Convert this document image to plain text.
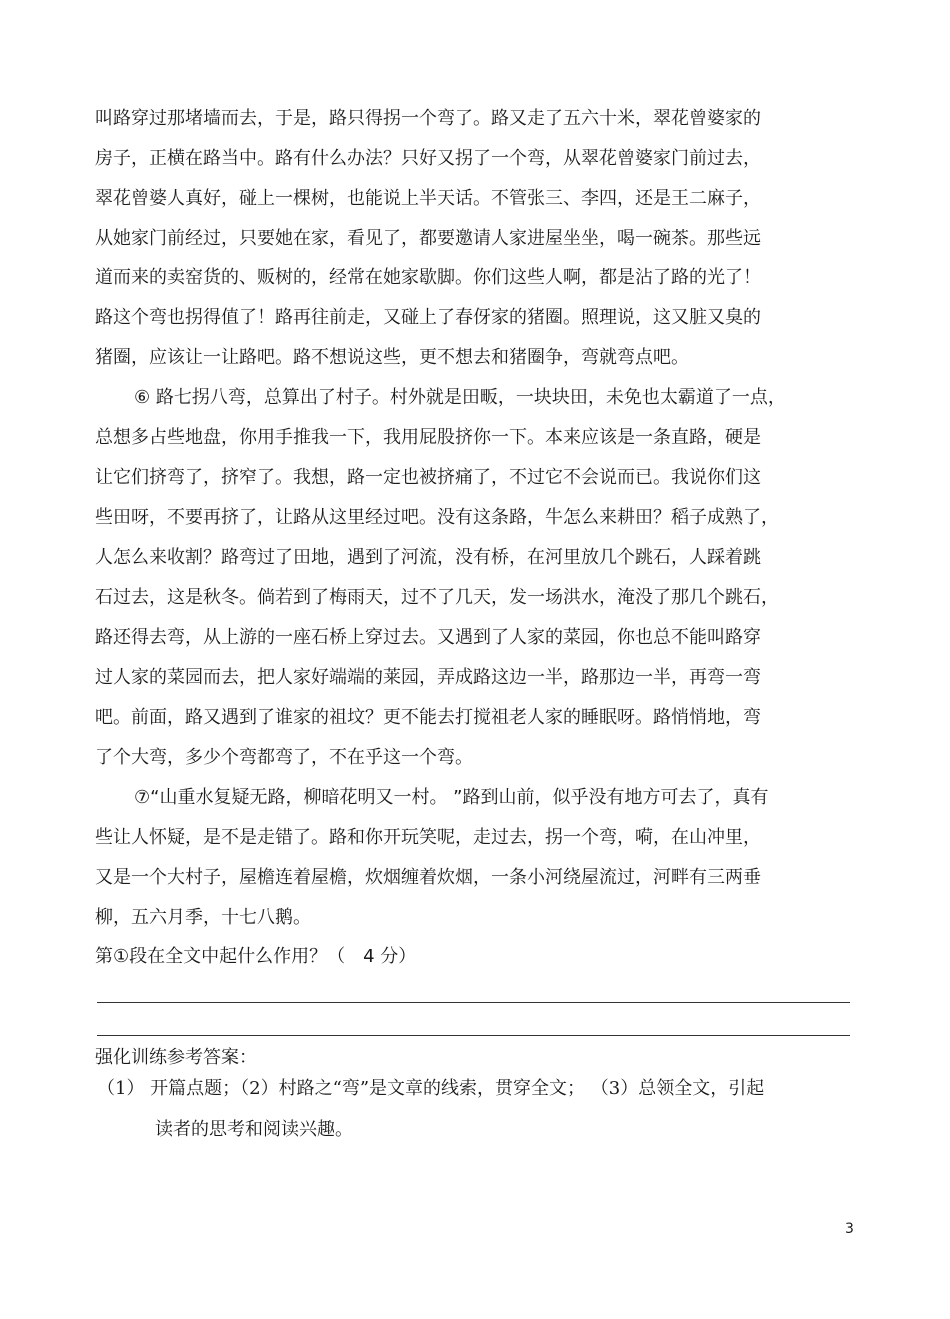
叫路穿过那堵墙而去，于是，路只得拐一个弯了。路又走了五六十米，翠花曾婆家的
房子，正横在路当中。路有什么办法？只好又拐了一个弯，从翠花曾婆家门前过去，
翠花曾婆人真好，碰上一棵树，也能说上半天话。不管张三、李四，还是王二麻子，
从她家门前经过，只要她在家，看见了，都要邀请人家进屋坐坐，喝一碗茶。那些远
道而来的卖窑货的、贩树的，经常在她家歇脚。你们这些人啊，都是沾了路的光了！
路这个弯也拐得值了！路再往前走，又碰上了春伢家的猪圈。照理说，这又脏又臭的
猪圈，应该让一让路吧。路不想说这些，更不想去和猪圈争，弯就弯点吧。
⑥ 路七拐八弯，总算出了村子。村外就是田畈，一块块田，未免也太霸道了一点，
总想多占些地盘，你用手推我一下，我用屁股挤你一下。本来应该是一条直路，硬是
让它们挤弯了，挤窄了。我想，路一定也被挤痛了，不过它不会说而已。我说你们这
些田呀，不要再挤了，让路从这里经过吧。没有这条路，牛怎么来耕田？稻子成熟了，
人怎么来收割？路弯过了田地，遇到了河流，没有桥，在河里放几个跳石，人踩着跳
石过去，这是秋冬。倘若到了梅雨天，过不了几天，发一场洪水，淹没了那几个跳石，
路还得去弯，从上游的一座石桥上穿过去。又遇到了人家的菜园，你也总不能叫路穿
过人家的菜园而去，把人家好端端的莱园，弄成路这边一半，路那边一半，再弯一弯
吧。前面，路又遇到了谁家的祖坟？更不能去打搅祖老人家的睡眠呀。路悄悄地，弯
了个大弯，多少个弯都弯了，不在乎这一个弯。
⑦“山重水复疑无路，柳暗花明又一村。 ”路到山前，似乎没有地方可去了，真有
些让人怀疑，是不是走错了。路和你开玩笑呢，走过去，拐一个弯，嗬，在山冲里，
又是一个大村子，屋檐连着屋檐，炊烟缠着炊烟，一条小河绕屋流过，河畔有三两垂
柳，五六月季，十七八鹅。
第①段在全文中起什么作用？（　4 分）
强化训练参考答案：
（1） 开篇点题；（2）村路之“弯”是文章的线索，贯穿全文； （3）总领全文，引起
读者的思考和阅读兴趣。
3
